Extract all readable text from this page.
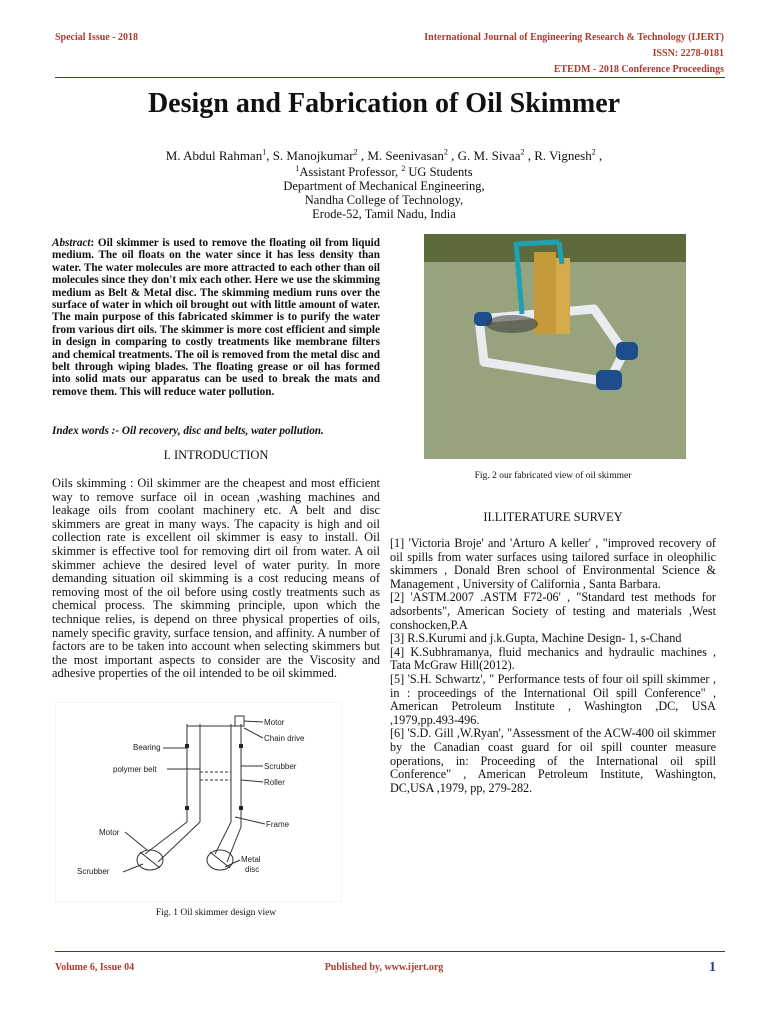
Special Issue - 2018	International Journal of Engineering Research & Technology (IJERT)
ISSN: 2278-0181
ETEDM - 2018 Conference Proceedings
Design and Fabrication of Oil Skimmer
M. Abdul Rahman$^1$, S. Manojkumar$^2$ , M. Seenivasan$^2$ , G. M. Sivaa$^2$ , R. Vignesh$^2$ ,
$^1$Assistant Professor, $^2$ UG Students
Department of Mechanical Engineering,
Nandha College of Technology,
Erode-52, Tamil Nadu, India
Abstract: Oil skimmer is used to remove the floating oil from liquid medium. The oil floats on the water since it has less density than water. The water molecules are more attracted to each other than oil molecules since they don't mix each other. Here we use the skimming medium as Belt & Metal disc. The skimming medium runs over the surface of water in which oil brought out with little amount of water. The main purpose of this fabricated skimmer is to purify the water from various dirt oils. The skimmer is more cost efficient and simple in design in comparing to costly treatments like membrane filters and chemical treatments. The oil is removed from the metal disc and belt through wiping blades. The floating grease or oil has formed into solid mats our apparatus can be used to break the mats and remove them. This will reduce water pollution.
Index words :- Oil recovery, disc and belts, water pollution.
I. INTRODUCTION
Oils skimming : Oil skimmer are the cheapest and most efficient way to remove surface oil in ocean ,washing machines and leakage oils from coolant machinery etc. A belt and disc skimmers are great in many ways. The capacity is high and oil collection rate is excellent oil skimmer is easy to install. Oil skimmer is effective tool for removing dirt oil from water. A oil skimmer achieve the desired level of water purity. In more demanding situation oil skimming is a cost reducing means of removing most of the oil before using costly treatments such as chemical process. The skimming principle, upon which the technique relies, is depend on three physical properties of oils, namely specific gravity, surface tension, and affinity. A number of factors are to be taken into account when selecting skimmers but the most important aspects to consider are the Viscosity and adhesive properties of the oil intended to be oil skimmed.
Motor
Chain drive
Bearing
polymer belt	Scrubber
Roller
Frame
Motor
Scrubber
Metal
disc
Fig. 1 Oil skimmer design view
Fig. 2 our fabricated view of oil skimmer
II.LITERATURE SURVEY

[1] 'Victoria Broje' and 'Arturo A keller' , "improved recovery of oil spills from water surfaces using tailored surface in oleophilic skimmers , Donald Bren school of Environmental Science & Management , University of California , Santa Barbara.

[2] 'ASTM.2007 .ASTM F72-06' , "Standard test methods for adsorbents", American Society of testing and materials ,West conshocken,P.A

[3] R.S.Kurumi and j.k.Gupta, Machine Design- 1, s-Chand

[4] K.Subhramanya, fluid mechanics and hydraulic machines , Tata McGraw Hill(2012).

[5] 'S.H. Schwartz', " Performance tests of four oil spill skimmer , in : proceedings of the International Oil spill Conference" , American Petroleum Institute , Washington ,DC, USA ,1979,pp.493-496.

[6] 'S.D. Gill ,W.Ryan', "Assessment of the ACW-400 oil skimmer by the Canadian coast guard for oil spill counter measure operations, in: Proceeding of the International oil spill Conference" , American Petroleum Institute, Washington, DC,USA ,1979, pp, 279-282.

Volume 6, Issue 04	Published by, www.ijert.org	1
